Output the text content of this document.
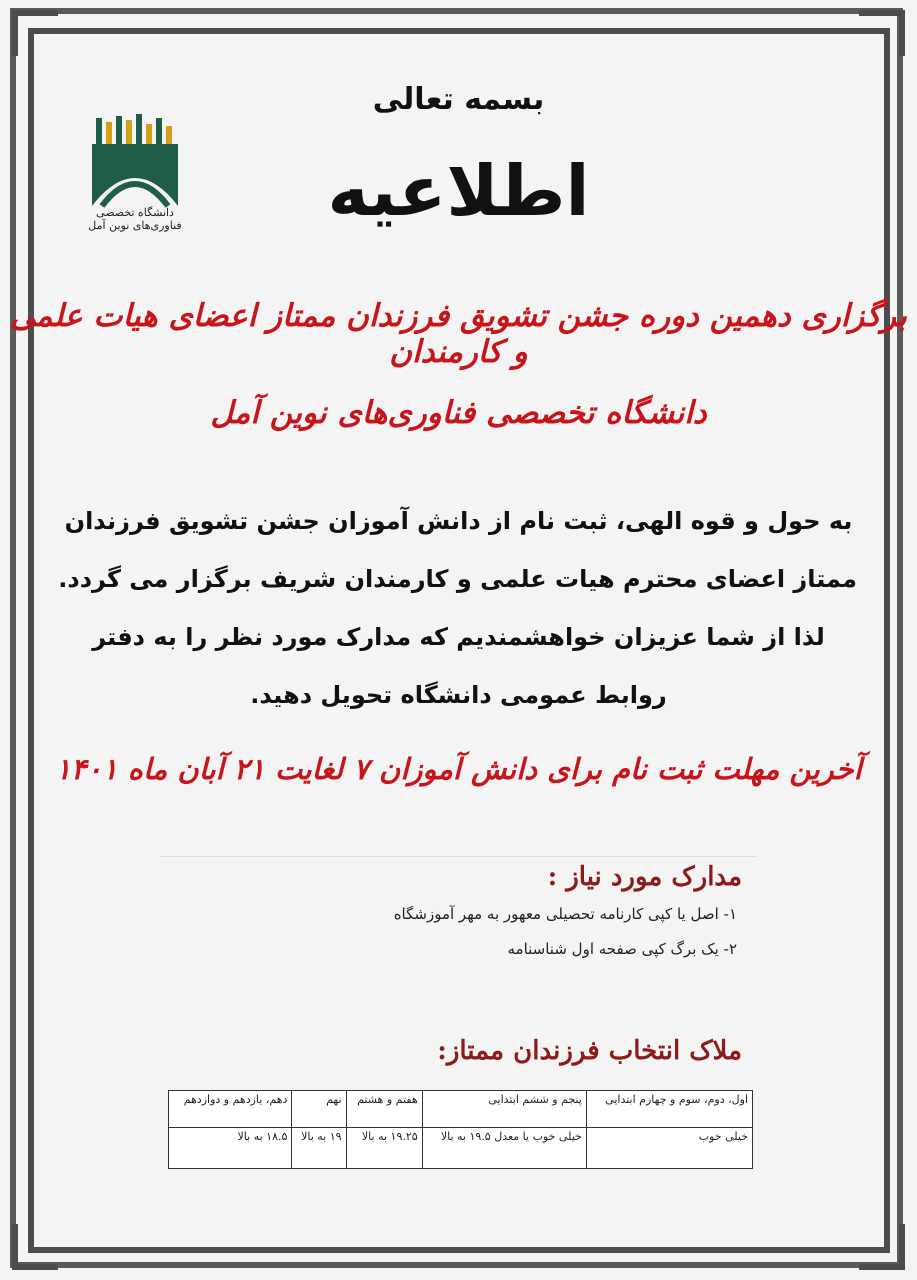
بسمه تعالی
اطلاعیه
دانشگاه تخصصی فناوری‌های نوین آمل
برگزاری دهمین دوره جشن تشویق فرزندان ممتاز اعضای هیات علمی و کارمندان
دانشگاه تخصصی فناوری‌های نوین آمل
به حول و قوه الهی، ثبت نام از دانش آموزان جشن تشویق فرزندان
ممتاز اعضای محترم هیات علمی و کارمندان شریف برگزار می گردد.
لذا از شما عزیزان خواهشمندیم که مدارک مورد نظر را به دفتر
روابط عمومی دانشگاه تحویل دهید.
آخرین مهلت ثبت نام برای دانش آموزان ۷ لغایت ۲۱ آبان ماه ۱۴۰۱
مدارک مورد نیاز :
۱- اصل یا کپی کارنامه تحصیلی معهور به مهر آموزشگاه
۲- یک برگ کپی صفحه اول شناسنامه
ملاک انتخاب فرزندان ممتاز:
اول، دوم، سوم و چهارم ابتدایی	پنجم و ششم ابتدایی	هفتم و هشتم	نهم	دهم، یازدهم و دوازدهم
خیلی خوب	خیلی خوب یا معدل ۱۹.۵ به بالا	۱۹.۲۵ به بالا	۱۹ به بالا	۱۸.۵ به بالا
